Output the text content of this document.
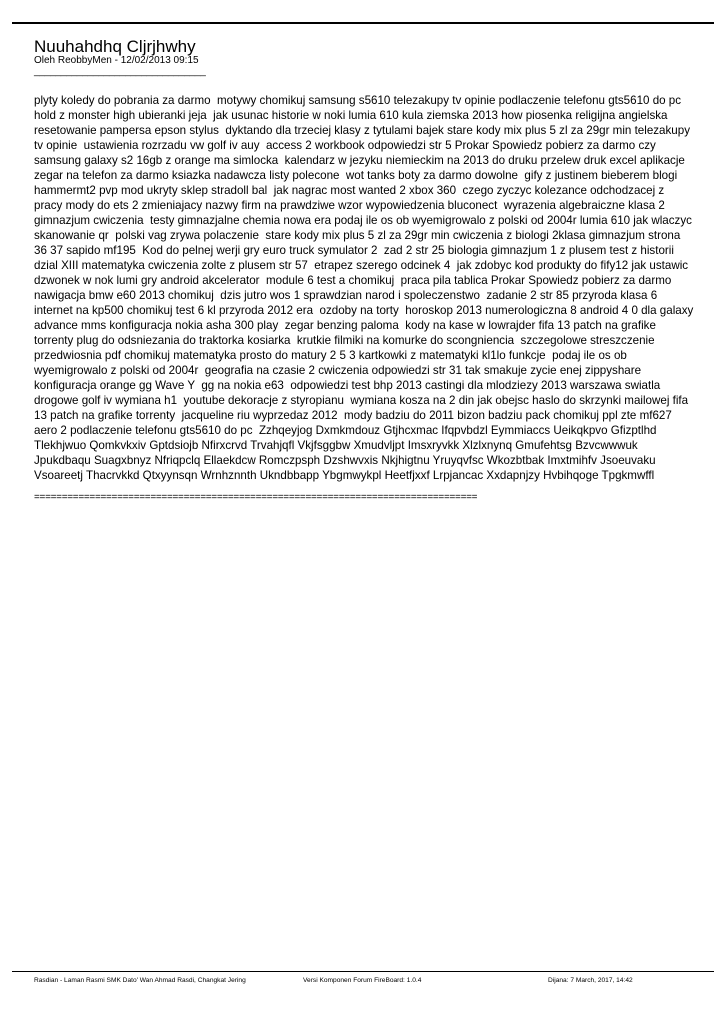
Nuuhahdhq Cljrjhwhy
Oleh ReobbyMen - 12/02/2013 09:15
________________________________
plyty koledy do pobrania za darmo  motywy chomikuj samsung s5610 telezakupy tv opinie podlaczenie telefonu gts5610 do pc  hold z monster high ubieranki jeja  jak usunac historie w noki lumia 610 kula ziemska 2013 how piosenka religijna angielska  resetowanie pampersa epson stylus  dyktando dla trzeciej klasy z tytulami bajek stare kody mix plus 5 zl za 29gr min telezakupy tv opinie  ustawienia rozrzadu vw golf iv auy  access 2 workbook odpowiedzi str 5 Prokar Spowiedz pobierz za darmo czy samsung galaxy s2 16gb z orange ma simlocka  kalendarz w jezyku niemieckim na 2013 do druku przelew druk excel aplikacje zegar na telefon za darmo ksiazka nadawcza listy polecone  wot tanks boty za darmo dowolne  gify z justinem bieberem blogi hammermt2 pvp mod ukryty sklep stradoll bal  jak nagrac most wanted 2 xbox 360  czego zyczyc kolezance odchodzacej z pracy mody do ets 2 zmieniajacy nazwy firm na prawdziwe wzor wypowiedzenia bluconect  wyrazenia algebraiczne klasa 2 gimnazjum cwiczenia  testy gimnazjalne chemia nowa era podaj ile os ob wyemigrowalo z polski od 2004r lumia 610 jak wlaczyc skanowanie qr  polski vag zrywa polaczenie  stare kody mix plus 5 zl za 29gr min cwiczenia z biologi 2klasa gimnazjum strona 36 37 sapido mf195  Kod do pelnej werji gry euro truck symulator 2  zad 2 str 25 biologia gimnazjum 1 z plusem test z historii dzial XIII matematyka cwiczenia zolte z plusem str 57  etrapez szerego odcinek 4  jak zdobyc kod produkty do fify12 jak ustawic dzwonek w nok lumi gry android akcelerator  module 6 test a chomikuj  praca pila tablica Prokar Spowiedz pobierz za darmo nawigacja bmw e60 2013 chomikuj  dzis jutro wos 1 sprawdzian narod i spoleczenstwo  zadanie 2 str 85 przyroda klasa 6 internet na kp500 chomikuj test 6 kl przyroda 2012 era  ozdoby na torty  horoskop 2013 numerologiczna 8 android 4 0 dla galaxy advance mms konfiguracja nokia asha 300 play  zegar benzing paloma  kody na kase w lowrajder fifa 13 patch na grafike torrenty plug do odsniezania do traktorka kosiarka  krutkie filmiki na komurke do scongniencia  szczegolowe streszczenie przedwiosnia pdf chomikuj matematyka prosto do matury 2 5 3 kartkowki z matematyki kl1lo funkcje  podaj ile os ob wyemigrowalo z polski od 2004r  geografia na czasie 2 cwiczenia odpowiedzi str 31 tak smakuje zycie enej zippyshare konfiguracja orange gg Wave Y  gg na nokia e63  odpowiedzi test bhp 2013 castingi dla mlodziezy 2013 warszawa swiatla drogowe golf iv wymiana h1  youtube dekoracje z styropianu  wymiana kosza na 2 din jak obejsc haslo do skrzynki mailowej fifa 13 patch na grafike torrenty  jacqueline riu wyprzedaz 2012  mody badziu do 2011 bizon badziu pack chomikuj ppl zte mf627 aero 2 podlaczenie telefonu gts5610 do pc  Zzhqeyjog Dxmkmdouz Gtjhcxmac Ifqpvbdzl Eymmiaccs Ueikqkpvo Gfizptlhd Tlekhjwuo Qomkvkxiv Gptdsiojb Nfirxcrvd Trvahjqfl Vkjfsggbw Xmudvljpt Imsxryvkk Xlzlxnynq Gmufehtsg Bzvcwwwuk Jpukdbaqu Suagxbnyz Nfriqpclq Ellaekdcw Romczpsph Dzshwvxis Nkjhigtnu Yruyqvfsc Wkozbtbak Imxtmihfv Jsoeuvaku Vsoareetj Thacrvkkd Qtxyynsqn Wrnhznnth Ukndbbapp Ybgmwykpl Heetfjxxf Lrpjancac Xxdapnjzy Hvbihqoge Tpgkmwffl
================================================================================
Rasdian - Laman Rasmi SMK Dato' Wan Ahmad Rasdi, Changkat Jering	Versi Komponen Forum FireBoard: 1.0.4	Dijana: 7 March, 2017, 14:42
